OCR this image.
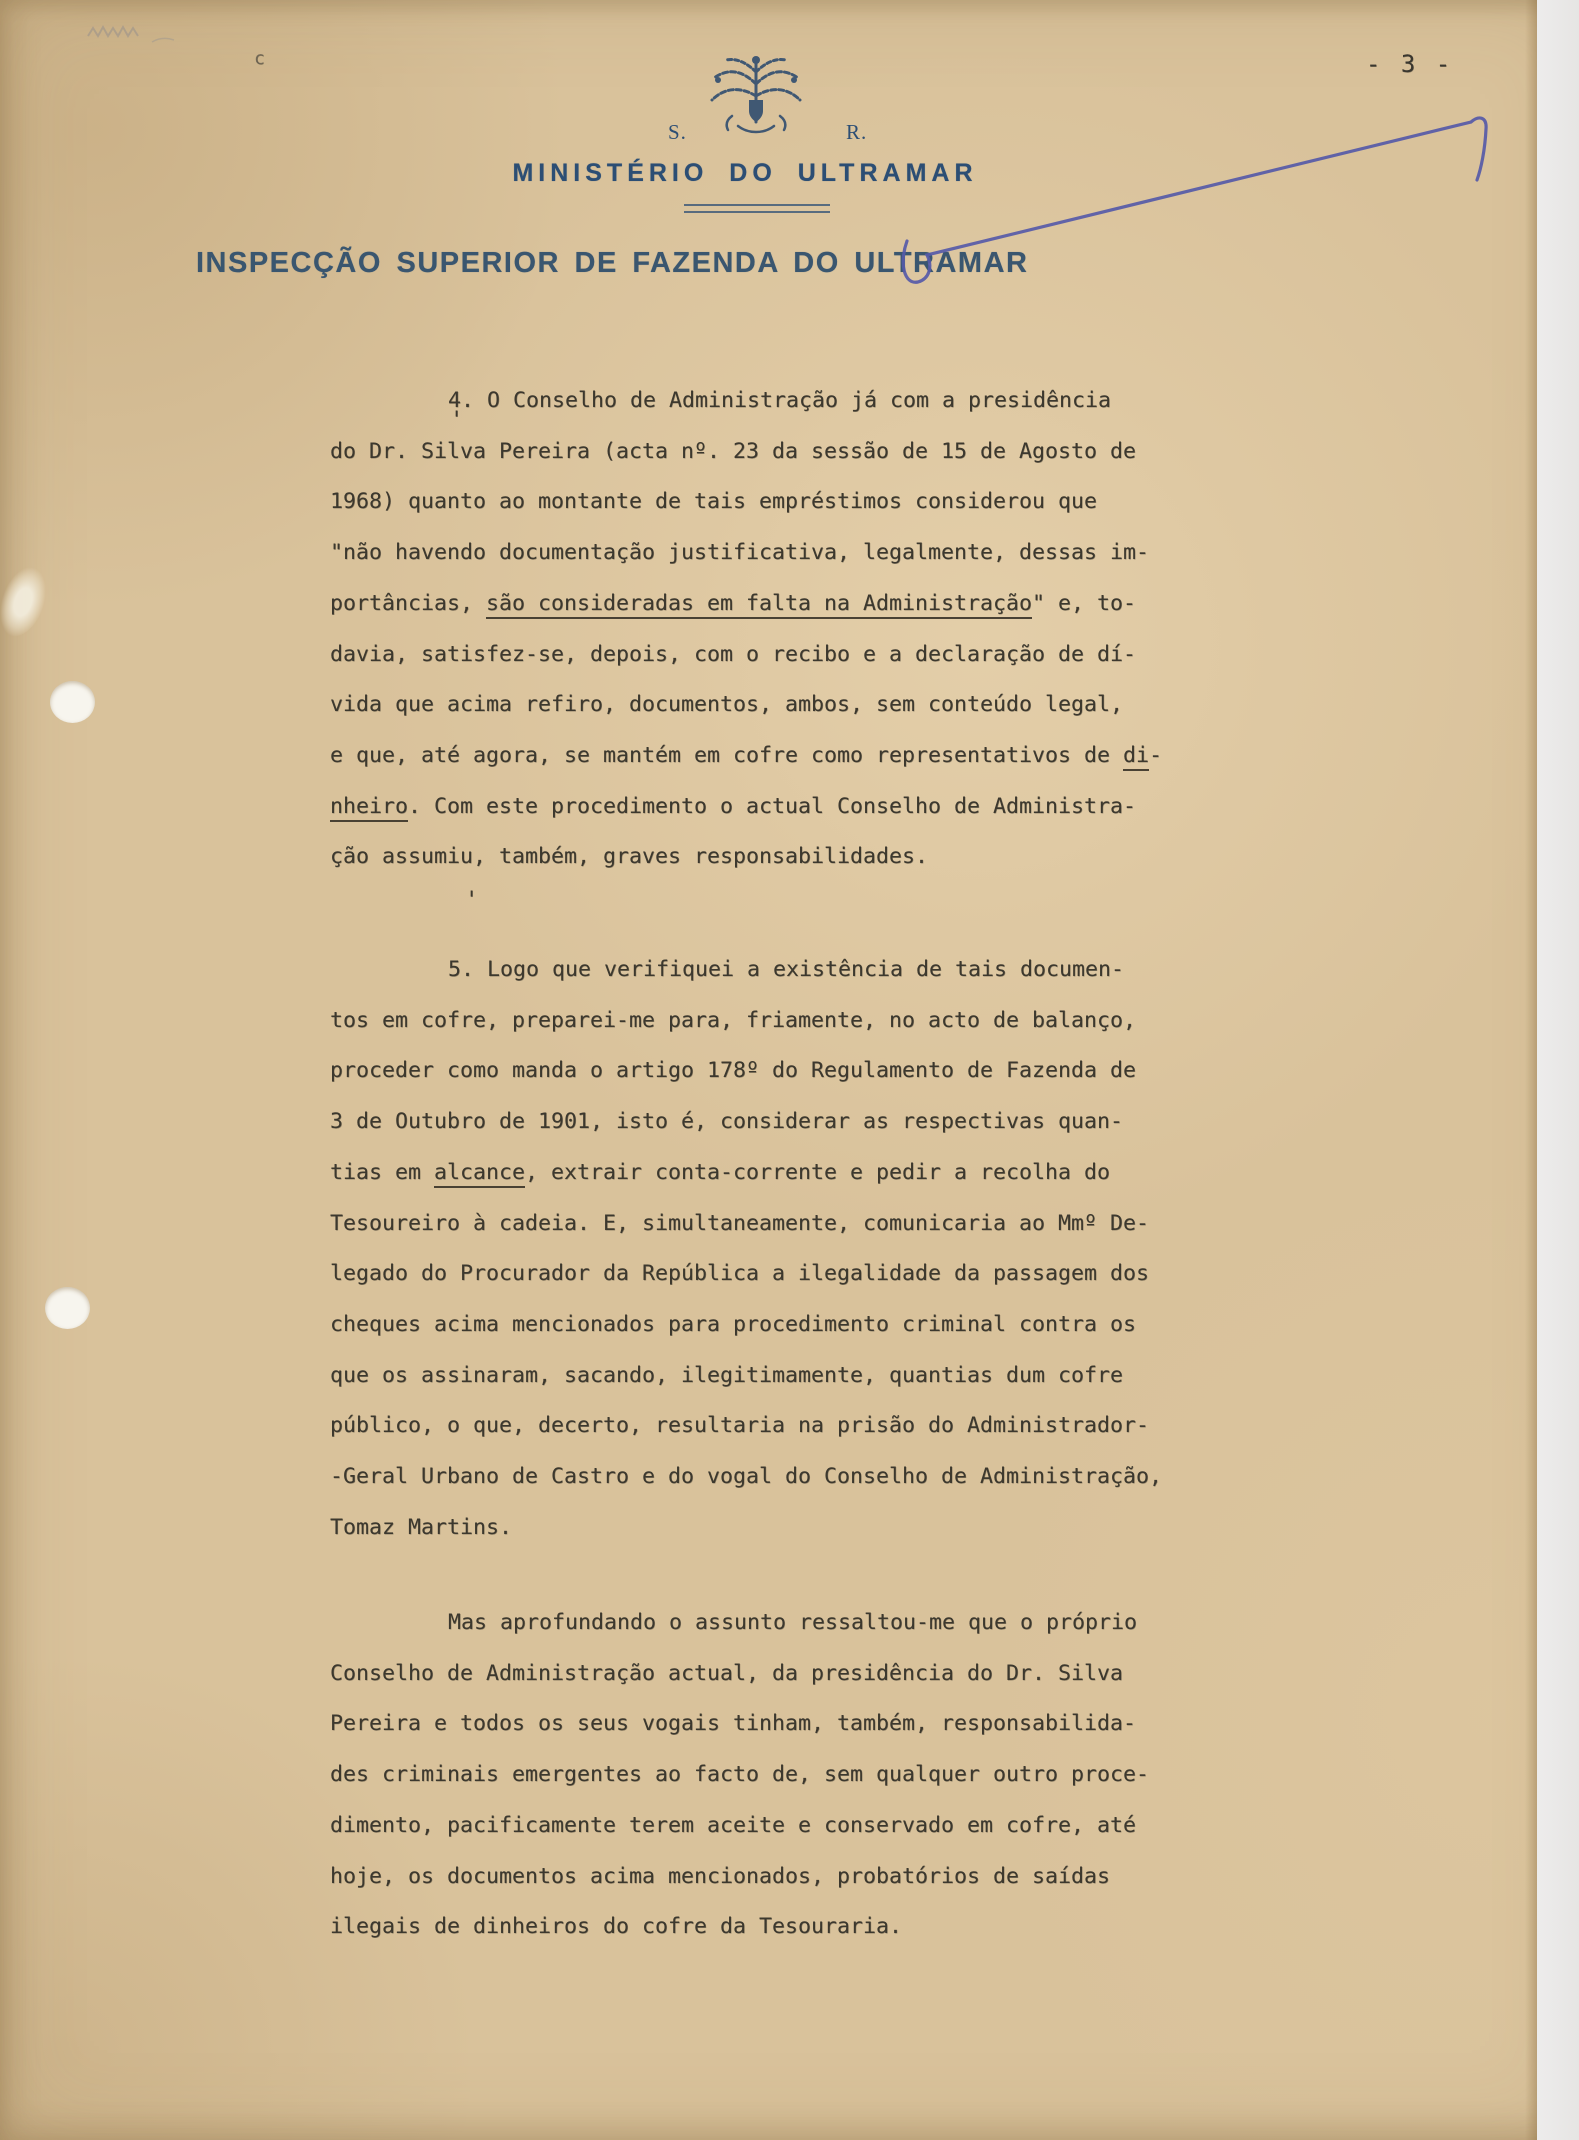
S.	R.
MINISTÉRIO DO ULTRAMAR
INSPECÇÃO SUPERIOR DE FAZENDA DO ULTRAMAR
- 3 -
4. O Conselho de Administração já com a presidência
do Dr. Silva Pereira (acta nº. 23 da sessão de 15 de Agosto de
1968) quanto ao montante de tais empréstimos considerou que
"não havendo documentação justificativa, legalmente, dessas im-
portâncias, são consideradas em falta na Administração" e, to-
davia, satisfez-se, depois, com o recibo e a declaração de dí-
vida que acima refiro, documentos, ambos, sem conteúdo legal,
e que, até agora, se mantém em cofre como representativos de di-
nheiro. Com este procedimento o actual Conselho de Administra-
ção assumiu, também, graves responsabilidades.
5. Logo que verifiquei a existência de tais documen-
tos em cofre, preparei-me para, friamente, no acto de balanço,
proceder como manda o artigo 178º do Regulamento de Fazenda de
3 de Outubro de 1901, isto é, considerar as respectivas quan-
tias em alcance, extrair conta-corrente e pedir a recolha do
Tesoureiro à cadeia. E, simultaneamente, comunicaria ao Mmº De-
legado do Procurador da República a ilegalidade da passagem dos
cheques acima mencionados para procedimento criminal contra os
que os assinaram, sacando, ilegitimamente, quantias dum cofre
público, o que, decerto, resultaria na prisão do Administrador-
-Geral Urbano de Castro e do vogal do Conselho de Administração,
Tomaz Martins.
Mas aprofundando o assunto ressaltou-me que o próprio
Conselho de Administração actual, da presidência do Dr. Silva
Pereira e todos os seus vogais tinham, também, responsabilida-
des criminais emergentes ao facto de, sem qualquer outro proce-
dimento, pacificamente terem aceite e conservado em cofre, até
hoje, os documentos acima mencionados, probatórios de saídas
ilegais de dinheiros do cofre da Tesouraria.
'
'
c
